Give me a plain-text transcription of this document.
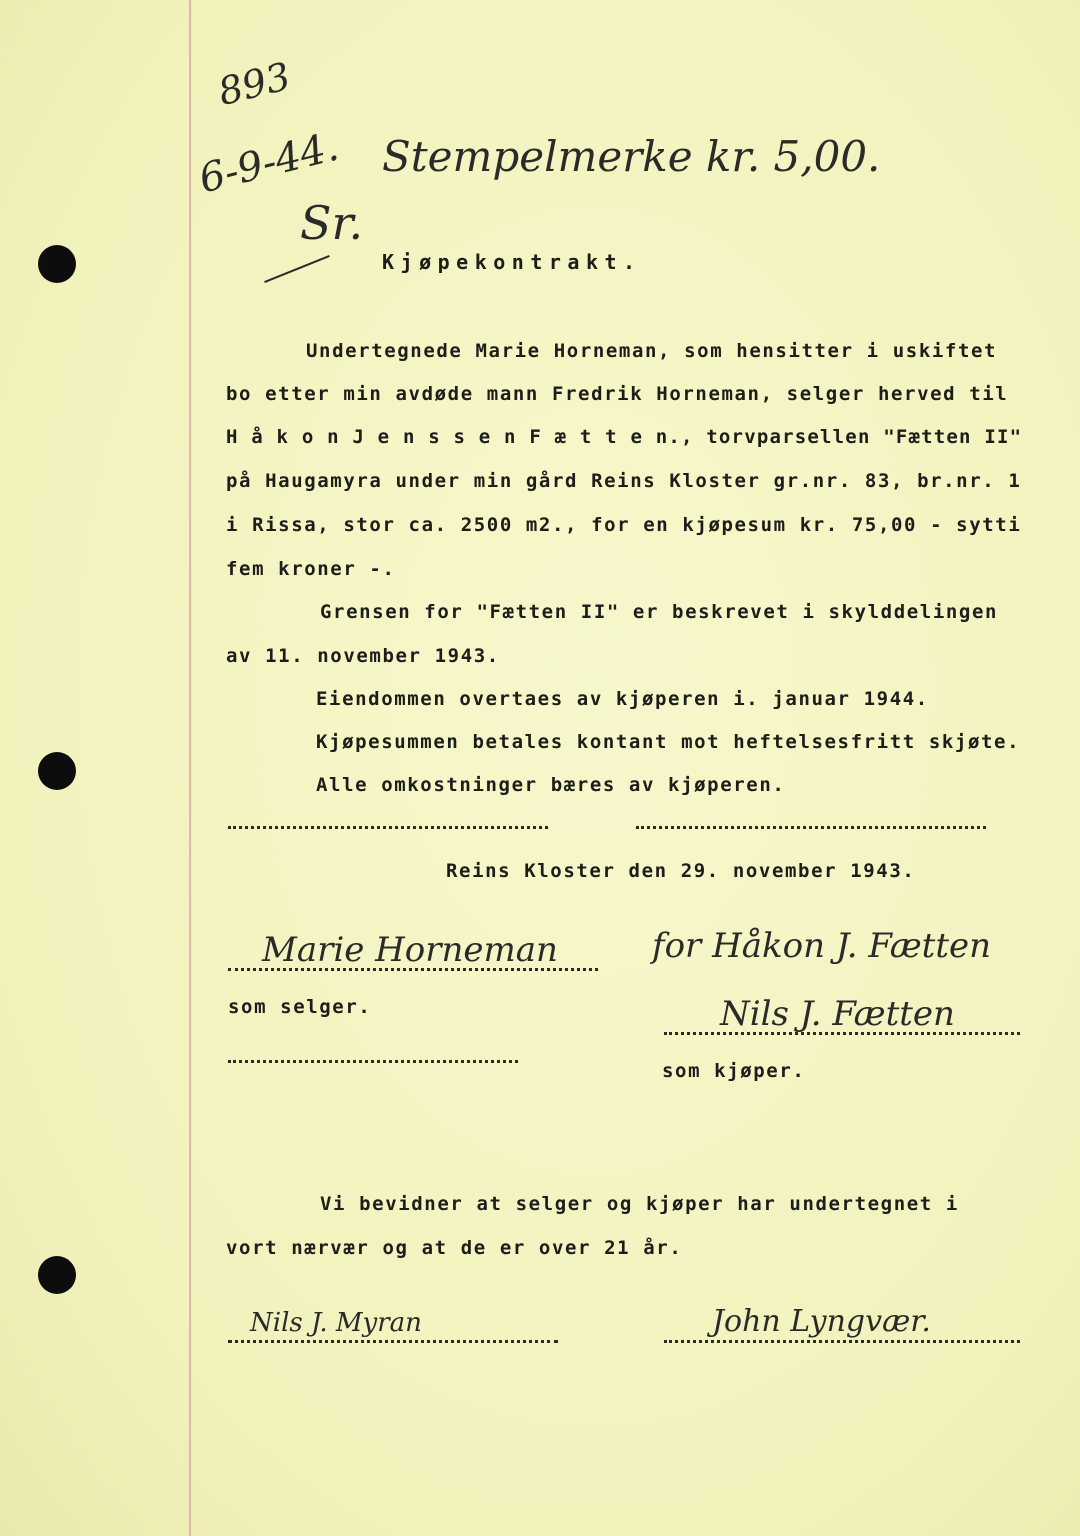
893
6-9-44. Stempelmerke kr. 5,00.
Sr.
Kjøpekontrakt.
Undertegnede Marie Horneman, som hensitter i uskiftet
bo etter min avdøde mann Fredrik Horneman, selger herved til
H å k o n J e n s s e n F æ t t e n., torvparsellen "Fætten II"
på Haugamyra under min gård Reins Kloster gr.nr. 83, br.nr. 1
i Rissa, stor ca. 2500 m2., for en kjøpesum kr. 75,00 - sytti
fem kroner -.
Grensen for "Fætten II" er beskrevet i skylddelingen
av 11. november 1943.
Eiendommen overtaes av kjøperen i. januar 1944.
Kjøpesummen betales kontant mot heftelsesfritt skjøte.
Alle omkostninger bæres av kjøperen.
Reins Kloster den 29. november 1943.
Marie Horneman
som selger.
for Håkon J. Fætten
Nils J. Fætten
som kjøper.
Vi bevidner at selger og kjøper har undertegnet i
vort nærvær og at de er over 21 år.
Nils J. Myran	John Lyngvær.
